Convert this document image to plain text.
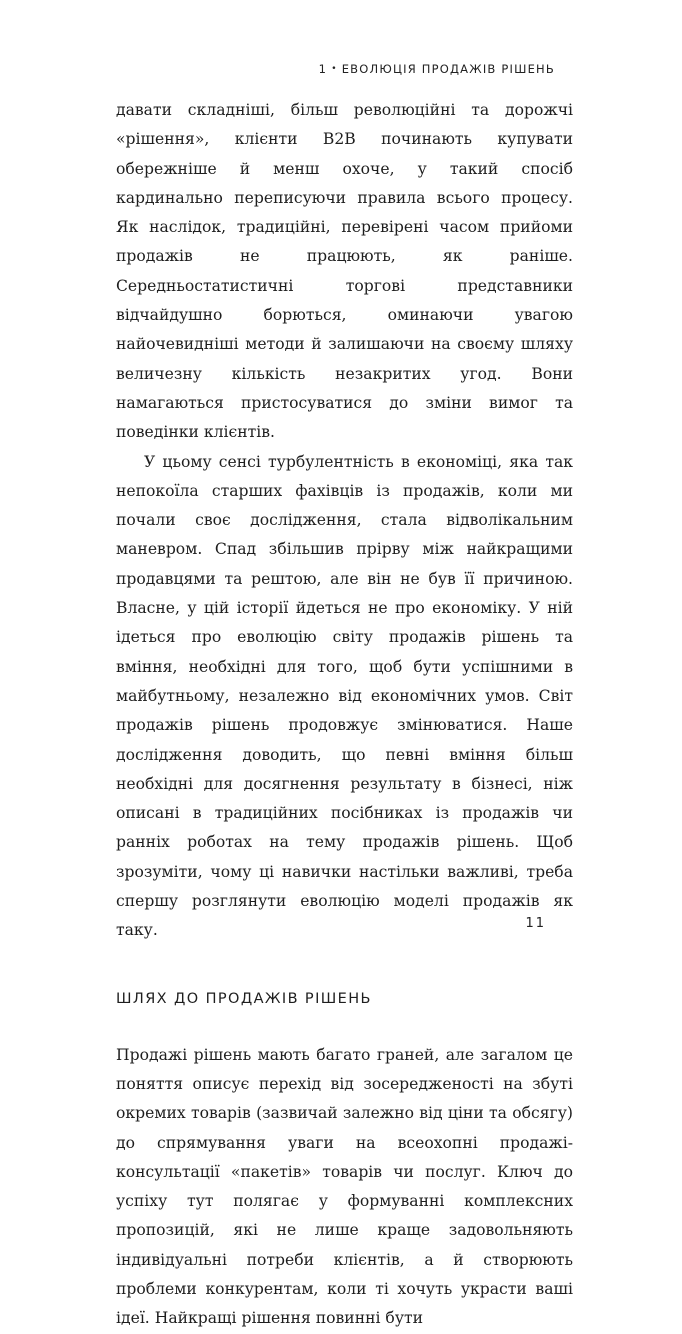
1 • ЕВОЛЮЦІЯ ПРОДАЖІВ РІШЕНЬ

давати складніші, більш революційні та дорожчі «рішення», клієнти B2B починають купувати обережніше й менш охоче, у такий спосіб кардинально переписуючи правила всього процесу. Як наслідок, традиційні, перевірені часом прийоми продажів не працюють, як раніше. Середньостатистичні торгові представники відчайдушно борються, оминаючи увагою найочевидніші методи й залишаючи на своєму шляху величезну кількість незакритих угод. Вони намагаються пристосуватися до зміни вимог та поведінки клієнтів.

У цьому сенсі турбулентність в економіці, яка так непокоїла старших фахівців із продажів, коли ми почали своє дослідження, стала відволікальним маневром. Спад збільшив прірву між найкращими продавцями та рештою, але він не був її причиною. Власне, у цій історії йдеться не про економіку. У ній ідеться про еволюцію світу продажів рішень та вміння, необхідні для того, щоб бути успішними в майбутньому, незалежно від економічних умов. Світ продажів рішень продовжує змінюватися. Наше дослідження доводить, що певні вміння більш необхідні для досягнення результату в бізнесі, ніж описані в традиційних посібниках із продажів чи ранніх роботах на тему продажів рішень. Щоб зрозуміти, чому ці навички настільки важливі, треба спершу розглянути еволюцію моделі продажів як таку.

ШЛЯХ ДО ПРОДАЖІВ РІШЕНЬ

Продажі рішень мають багато граней, але загалом це поняття описує перехід від зосередженості на збуті окремих товарів (зазвичай залежно від ціни та обсягу) до спрямування уваги на всеохопні продажі-консультації «пакетів» товарів чи послуг. Ключ до успіху тут полягає у формуванні комплексних пропозицій, які не лише краще задовольняють індивідуальні потреби клієнтів, а й створюють проблеми конкурентам, коли ті хочуть украсти ваші ідеї. Найкращі рішення повинні бути

11
